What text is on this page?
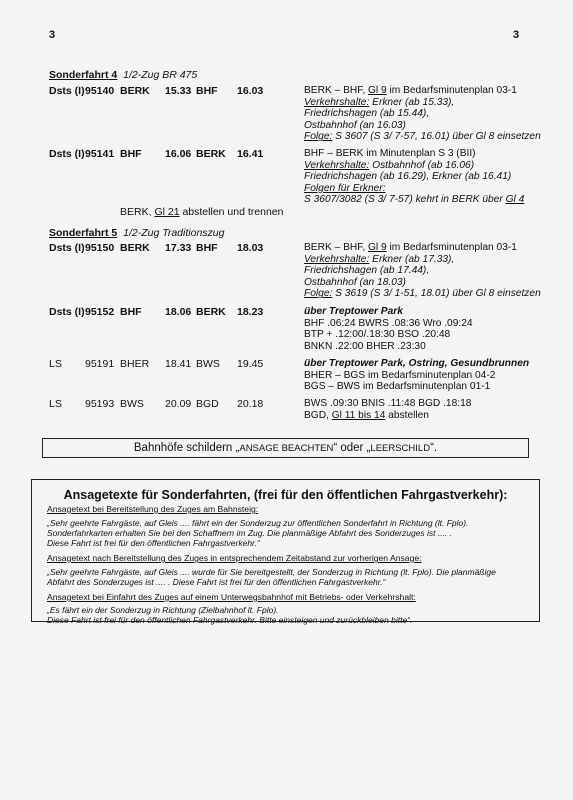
3	3
Sonderfahrt 4 1/2-Zug BR 475
Dsts (I) 95140 BERK 15.33 BHF 16.03	BERK – BHF, Gl 9 im Bedarfsminutenplan 03-1
Verkehrshalte: Erkner (ab 15.33),
Friedrichshagen (ab 15.44),
Ostbahnhof (an 16.03)
Folge: S 3607 (S 3/ 7-57, 16.01) über Gl 8 einsetzen
Dsts (I) 95141 BHF 16.06 BERK 16.41	BHF – BERK im Minutenplan S 3 (BII)
Verkehrshalte: Ostbahnhof (ab 16.06)
Friedrichshagen (ab 16.29), Erkner (ab 16.41)
Folgen für Erkner:
S 3607/3082 (S 3/ 7-57) kehrt in BERK über Gl 4
BERK, Gl 21 abstellen und trennen
Sonderfahrt 5 1/2-Zug Traditionszug
Dsts (I) 95150 BERK 17.33 BHF 18.03	BERK – BHF, Gl 9 im Bedarfsminutenplan 03-1
Verkehrshalte: Erkner (ab 17.33),
Friedrichshagen (ab 17.44),
Ostbahnhof (an 18.03)
Folge: S 3619 (S 3/ 1-51, 18.01) über Gl 8 einsetzen
Dsts (I) 95152 BHF 18.06 BERK 18.23	über Treptower Park
BHF .06:24 BWRS .08:36 Wro .09:24
BTP + .12:00/.18:30 BSO .20:48
BNKN .22:00 BHER .23:30
LS 95191 BHER 18.41 BWS 19.45	über Treptower Park, Ostring, Gesundbrunnen
BHER – BGS im Bedarfsminutenplan 04-2
BGS – BWS im Bedarfsminutenplan 01-1
LS 95193 BWS 20.09 BGD 20.18	BWS .09:30 BNIS .11:48 BGD .18:18
BGD, Gl 11 bis 14 abstellen
Bahnhöfe schildern „ANSAGE BEACHTEN“ oder „LEERSCHILD“.
Ansagetexte für Sonderfahrten, (frei für den öffentlichen Fahrgastverkehr):
Ansagetext bei Bereitstellung des Zuges am Bahnsteig:
„Sehr geehrte Fahrgäste, auf Gleis .... fährt ein der Sonderzug zur öffentlichen Sonderfahrt in Richtung (lt. Fplo).
Sonderfahrkarten erhalten Sie bei den Schaffnern im Zug. Die planmäßige Abfahrt des Sonderzuges ist .... .
Diese Fahrt ist frei für den öffentlichen Fahrgastverkehr.“
Ansagetext nach Bereitstellung des Zuges in entsprechendem Zeitabstand zur vorherigen Ansage:
„Sehr geehrte Fahrgäste, auf Gleis .... wurde für Sie bereitgestellt, der Sonderzug in Richtung (lt. Fplo). Die planmäßige
Abfahrt des Sonderzuges ist .... . Diese Fahrt ist frei für den öffentlichen Fahrgastverkehr.“
Ansagetext bei Einfahrt des Zuges auf einem Unterwegsbahnhof mit Betriebs- oder Verkehrshalt:
„Es fährt ein der Sonderzug in Richtung (Zielbahnhof lt. Fplo).
Diese Fahrt ist frei für den öffentlichen Fahrgastverkehr. Bitte einsteigen und zurückbleiben bitte“.
